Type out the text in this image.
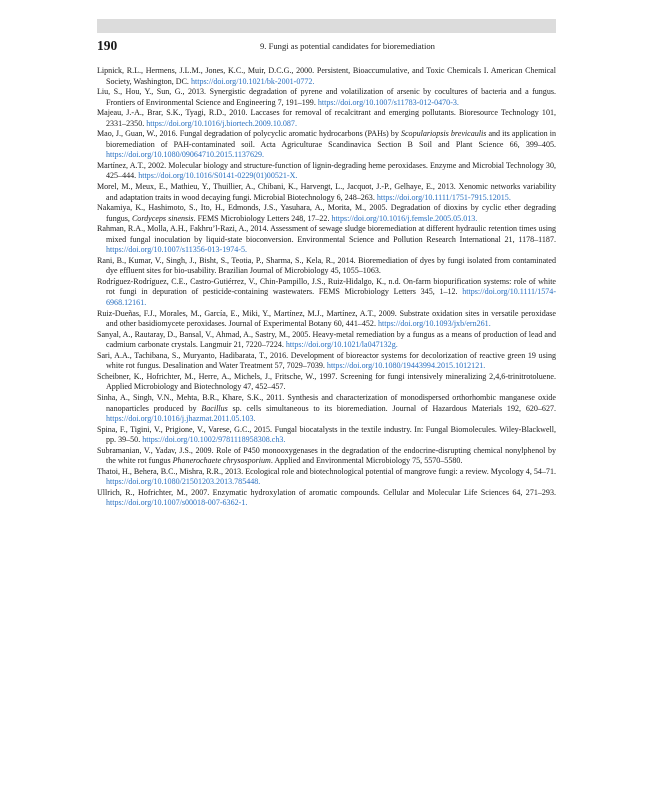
190	9. Fungi as potential candidates for bioremediation

Lipnick, R.L., Hermens, J.L.M., Jones, K.C., Muir, D.C.G., 2000. Persistent, Bioaccumulative, and Toxic Chemicals I. American Chemical Society, Washington, DC. https://doi.org/10.1021/bk-2001-0772.

Liu, S., Hou, Y., Sun, G., 2013. Synergistic degradation of pyrene and volatilization of arsenic by cocultures of bacteria and a fungus. Frontiers of Environmental Science and Engineering 7, 191–199. https://doi.org/10.1007/s11783-012-0470-3.

Majeau, J.-A., Brar, S.K., Tyagi, R.D., 2010. Laccases for removal of recalcitrant and emerging pollutants. Bioresource Technology 101, 2331–2350. https://doi.org/10.1016/j.biortech.2009.10.087.

Mao, J., Guan, W., 2016. Fungal degradation of polycyclic aromatic hydrocarbons (PAHs) by Scopulariopsis brevicaulis and its application in bioremediation of PAH-contaminated soil. Acta Agriculturae Scandinavica Section B Soil and Plant Science 66, 399–405. https://doi.org/10.1080/09064710.2015.1137629.

Martínez, A.T., 2002. Molecular biology and structure-function of lignin-degrading heme peroxidases. Enzyme and Microbial Technology 30, 425–444. https://doi.org/10.1016/S0141-0229(01)00521-X.

Morel, M., Meux, E., Mathieu, Y., Thuillier, A., Chibani, K., Harvengt, L., Jacquot, J.-P., Gelhaye, E., 2013. Xenomic networks variability and adaptation traits in wood decaying fungi. Microbial Biotechnology 6, 248–263. https://doi.org/10.1111/1751-7915.12015.

Nakamiya, K., Hashimoto, S., Ito, H., Edmonds, J.S., Yasuhara, A., Morita, M., 2005. Degradation of dioxins by cyclic ether degrading fungus, Cordyceps sinensis. FEMS Microbiology Letters 248, 17–22. https://doi.org/10.1016/j.femsle.2005.05.013.

Rahman, R.A., Molla, A.H., Fakhru’l-Razi, A., 2014. Assessment of sewage sludge bioremediation at different hydraulic retention times using mixed fungal inoculation by liquid-state bioconversion. Environmental Science and Pollution Research International 21, 1178–1187. https://doi.org/10.1007/s11356-013-1974-5.

Rani, B., Kumar, V., Singh, J., Bisht, S., Teotia, P., Sharma, S., Kela, R., 2014. Bioremediation of dyes by fungi isolated from contaminated dye effluent sites for bio-usability. Brazilian Journal of Microbiology 45, 1055–1063.

Rodríguez-Rodríguez, C.E., Castro-Gutiérrez, V., Chin-Pampillo, J.S., Ruiz-Hidalgo, K., n.d. On-farm biopurification systems: role of white rot fungi in depuration of pesticide-containing wastewaters. FEMS Microbiology Letters 345, 1–12. https://doi.org/10.1111/1574-6968.12161.

Ruiz-Dueñas, F.J., Morales, M., García, E., Miki, Y., Martínez, M.J., Martínez, A.T., 2009. Substrate oxidation sites in versatile peroxidase and other basidiomycete peroxidases. Journal of Experimental Botany 60, 441–452. https://doi.org/10.1093/jxb/ern261.

Sanyal, A., Rautaray, D., Bansal, V., Ahmad, A., Sastry, M., 2005. Heavy-metal remediation by a fungus as a means of production of lead and cadmium carbonate crystals. Langmuir 21, 7220–7224. https://doi.org/10.1021/la047132g.

Sari, A.A., Tachibana, S., Muryanto, Hadibarata, T., 2016. Development of bioreactor systems for decolorization of reactive green 19 using white rot fungus. Desalination and Water Treatment 57, 7029–7039. https://doi.org/10.1080/19443994.2015.1012121.

Scheibner, K., Hofrichter, M., Herre, A., Michels, J., Fritsche, W., 1997. Screening for fungi intensively mineralizing 2,4,6-trinitrotoluene. Applied Microbiology and Biotechnology 47, 452–457.

Sinha, A., Singh, V.N., Mehta, B.R., Khare, S.K., 2011. Synthesis and characterization of monodispersed orthorhombic manganese oxide nanoparticles produced by Bacillus sp. cells simultaneous to its bioremediation. Journal of Hazardous Materials 192, 620–627. https://doi.org/10.1016/j.jhazmat.2011.05.103.

Spina, F., Tigini, V., Prigione, V., Varese, G.C., 2015. Fungal biocatalysts in the textile industry. In: Fungal Biomolecules. Wiley-Blackwell, pp. 39–50. https://doi.org/10.1002/9781118958308.ch3.

Subramanian, V., Yadav, J.S., 2009. Role of P450 monooxygenases in the degradation of the endocrine-disrupting chemical nonylphenol by the white rot fungus Phanerochaete chrysosporium. Applied and Environmental Microbiology 75, 5570–5580.

Thatoi, H., Behera, B.C., Mishra, R.R., 2013. Ecological role and biotechnological potential of mangrove fungi: a review. Mycology 4, 54–71. https://doi.org/10.1080/21501203.2013.785448.

Ullrich, R., Hofrichter, M., 2007. Enzymatic hydroxylation of aromatic compounds. Cellular and Molecular Life Sciences 64, 271–293. https://doi.org/10.1007/s00018-007-6362-1.
